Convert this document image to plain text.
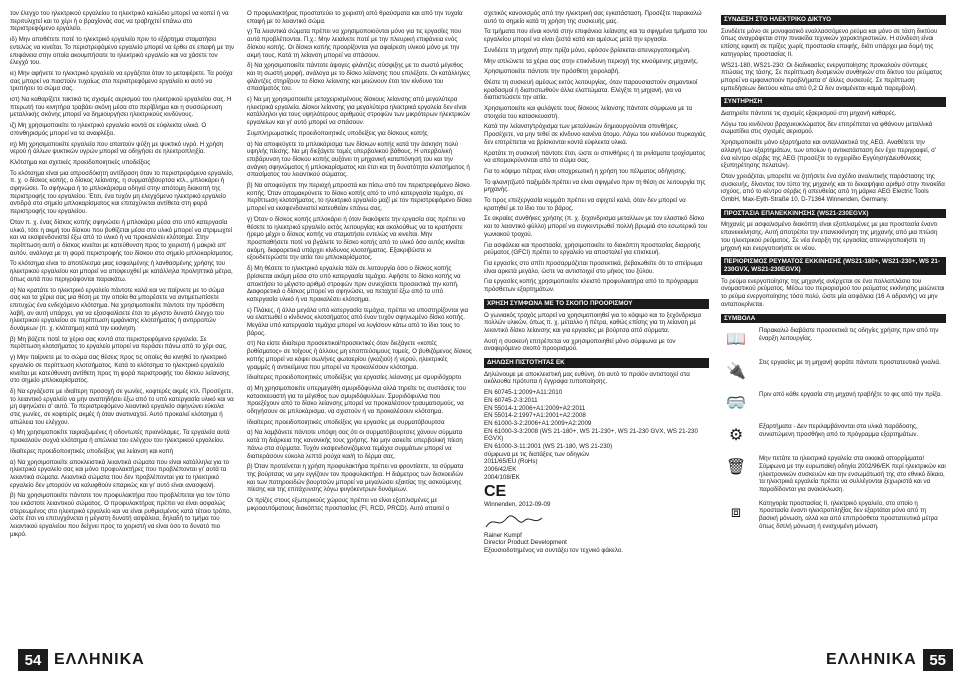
τον έλεγχο του ηλεκτρικού εργαλείου το ηλεκτρικό καλώδιο μπορεί να κοπεί ή να περιτυλιχτεί και το χέρι ή ο βραχίονάς σας να τραβηχτεί επάνω στο περιστρεφόμενο εργαλείο.

ιδ) Μην αποθέτετε ποτέ το ηλεκτρικό εργαλείο πριν το εξάρτημα σταματήσει εντελώς να κινείται. Το περιστρεφόμενο εργαλείο μπορεί να έρθει σε επαφή με την επιφάνεια στην οποία ακουμπήσατε το ηλεκτρικό εργαλείο και να χάσετε τον έλεγχό του.

ιε) Μην αφήνετε το ηλεκτρικό εργαλείο να εργάζεται όταν το μεταφέρετε. Τα ρούχα σας μπορεί να πιαστούν τυχαίως στο περιστρεφόμενο εργαλείο κι αυτό να τρυπήσει το σώμα σας.

ιστ) Να καθαρίζετε τακτικά τις σχισμές αερισμού του ηλεκτρικού εργαλείου σας. Η πτερωτή του κινητήρα τραβάει σκόνη μέσα στο περίβλημα και η συσσώρευση μεταλλικής σκόνης μπορεί να δημιουργήσει ηλεκτρικούς κινδύνους.

ιζ) Μη χρησιμοποιείτε το ηλεκτρικό εργαλείο κοντά σε εύφλεκτα υλικά. Ο σπινθηρισμός μπορεί να τα αναφλέξει.

ιη) Μη χρησιμοποιείτε εργαλεία που απαιτούν ψύξη με ψυκτικό υγρό. Η χρήση νερού ή άλλων ψυκτικών υγρών μπορεί να οδηγήσει σε ηλεκτροπληξία.

Κλότσημα και σχετικές προειδοποιητικές υποδείξεις

Το κλότσημα είναι μια απροσδόκητη αντίδραση όταν το περιστρεφόμενο εργαλείο, π. χ. ο δίσκος κοπής, ο δίσκος λείανσης, η συρματόβουρτσα κτλ., μπλοκάρει ή σφηνώσει. Το σφήνωμα ή το μπλοκάρισμα οδηγεί στην απότομη διακοπή της περιστροφής του εργαλείου. Έτσι, ένα τυχόν μη ελεγχόμενο ηλεκτρικό εργαλείο αντιδρά στο σημείο μπλοκαρίσματος και επιταχύνεται αντίθετα στη φορά περιστροφής του εργαλείου.

Όταν π. χ. ένας δίσκος κοπής σφηνώσει ή μπλοκάρει μέσα στο υπό κατεργασία υλικό, τότε η ακμή του δίσκου που βυθίζεται μέσα στο υλικό μπορεί να στριμωχτεί και να εκσφενδονιστεί έξω από το υλικό ή να προκαλέσει κλότσημα. Στην περίπτωση αυτή ο δίσκος κινείται με κατεύθυνση προς το χειριστή ή μακριά απ' αυτόν, ανάλογα με τη φορά περιστροφής του δίσκου στο σημείο μπλοκαρίσματος.

Το κλότσημα είναι το αποτέλεσμα μιας εσφαλμένης ή λανθασμένης χρήσης του ηλεκτρικού εργαλείου και μπορεί να αποφευχθεί με κατάλληλα προληπτικά μέτρα, όπως αυτά που περιγράφονται παρακάτω.

α) Να κρατάτε το ηλεκτρικό εργαλείο πάντοτε καλά και να παίρνετε με το σώμα σας και τα χέρια σας μια θέση με την οποία θα μπορέσετε να αντιμετωπίσετε επιτυχώς ένα ενδεχόμενο κλότσημα. Να χρησιμοποιείτε πάντοτε την πρόσθετη λαβή, αν αυτή υπάρχει, για να εξασφαλίσετε έτσι το μέγιστο δυνατό έλεγχο του ηλεκτρικού εργαλείου σε περίπτωση εμφάνισης κλοτσήματος ή αντιρροπών δυνάμεων (π. χ. κλότσημα) κατά την εκκίνηση.

β) Μη βάζετε ποτέ τα χέρια σας κοντά στα περιστρεφόμενα εργαλεία. Σε περίπτωση κλοτσήματος το εργαλείο μπορεί να περάσει πάνω από το χέρι σας.

γ) Μην παίρνετε με το σώμα σας θέσεις προς τις οποίες θα κινηθεί το ηλεκτρικό εργαλείο σε περίπτωση κλοτσήματος. Κατά το κλότσημα το ηλεκτρικό εργαλείο κινείται με κατεύθυνση αντίθετη προς τη φορά περιστροφής του δίσκου λείανσης στο σημείο μπλοκαρίσματος.

δ) Να εργάζεστε με ιδιαίτερη προσοχή σε γωνίες, κοφτερές ακμές κτλ. Προσέχετε, το λειαντικό εργαλείο να μην αναπηδήσει έξω από το υπό κατεργασία υλικό και να μη σφηνώσει σ' αυτό. Το περιστρεφόμενο λειαντικό εργαλείο σφηνώνει εύκολα στις γωνίες, σε κοφτερές ακμές ή όταν ανατιναχτεί. Αυτό προκαλεί κλότσημα ή απώλεια του ελέγχου.

ε) Μη χρησιμοποιείτε ταιριαζωμένες ή οδοντωτές πριονόλαμες. Τα εργαλεία αυτά προκαλούν συχνά κλότσημα ή απώλεια του ελέγχου του ηλεκτρικού εργαλείου.

Ιδιαίτερες προειδοποιητικές υποδείξεις για λείανση και κοπή

α) Να χρησιμοποιείτε αποκλειστικά λειαντικά σώματα που είναι κατάλληλα για το ηλεκτρικό εργαλείο σας και μόνο προφυλακτήρες που προβλέπονται γι' αυτά τα λειαντικά σώματα. Λειαντικά σώματα που δεν προβλέπονται για το ηλεκτρικό εργαλείο δεν μπορούν να καλυφθούν επαρκώς και γι' αυτό είναι ανασφαλή.

β) Να χρησιμοποιείτε πάντοτε τον προφυλακτήρα που προβλέπεται για τον τύπο του εκάστοτε λειαντικού σώματος. Ο προφυλακτήρας πρέπει να είναι ασφαλώς στερεωμένος στο ηλεκτρικό εργαλείο και να είναι ρυθμισμένος κατά τέτοιο τρόπο, ώστε έτσι να επιτυγχάνεται η μέγιστη δυνατή ασφάλεια, δηλαδή το τμήμα του λειαντικού εργαλείου που δείχνει προς το χειριστή να είναι όσο το δυνατό πιο μικρό.

Ο προφυλακτήρας προστατεύει το χειριστή από θραύσματα και από την τυχαία επαφή με το λειαντικό σώμα.

γ) Τα λειαντικά σώματα πρέπει να χρησιμοποιούνται μόνο για τις εργασίες που αυτά προβλέπονται. Π.χ.: Μην λειαίνετε ποτέ με την πλευρική επιφάνεια ενός δίσκου κοπής. Οι δίσκοι κοπής προορίζονται για αφαίρεση υλικού μόνο με την ακμή τους. Κατά τη λείανση μπορεί να σπάσουν.

δ) Να χρησιμοποιείτε πάντοτε άψογες φλάντζες σύσφιξης με το σωστό μέγεθος και τη σωστή μορφή, ανάλογα με το δίσκο λείανσης που επιλέξατε. Οι κατάλληλες φλάντζες στηρίζουν το δίσκο λείανσης και μειώνουν έτσι τον κίνδυνο του σπασίματός του.

ε) Να μη χρησιμοποιείτε μεταχειρισμένους δίσκους λείανσης από μεγαλύτερα ηλεκτρικά εργαλεία. Δίσκοι λείανσης για μεγαλύτερα ηλεκτρικά εργαλεία δεν είναι κατάλληλοι για τους υψηλότερους αριθμούς στροφών των μικρότερων ηλεκτρικών εργαλείων και γι' αυτό μπορεί να σπάσουν.

Συμπληρωματικές προειδοποιητικές υποδείξεις για δίσκους κοπής

α) Να αποφεύγετε το μπλοκάρισμα των δίσκων κοπής κατά την άσκηση πολύ υψηλής πίεσης. Να μη διεξάγετε τομές υπερβολικού βάθους. Η υπερβολική επιβάρυνση του δίσκου κοπής αυξάνει τη μηχανική καταπόνησή του και την ανάγκη σφηνώματος ή μπλοκαρίσματος και έτσι και τη δυνατότητα κλοτσήματος ή σπασίματος του λειαντικού σώματος.

β) Να αποφεύγετε την περιοχή μπροστά και πίσω από τον περιστρεφόμενο δίσκο κοπής. Όταν απομακρύνετε το δίσκο κοπής από το υπό κατεργασία τεμάχιο, σε περίπτωση κλοτσήματος, το ηλεκτρικό εργαλείο μαζί με τον περιστρεφόμενο δίσκο μπορεί να εκσφενδονιστεί κατευθείαν επάνω σας.

γ) Όταν ο δίσκος κοπής μπλοκάρει ή όταν διακόψετε την εργασία σας πρέπει να θέσετε το ηλεκτρικό εργαλείο εκτός λειτουργίας και ακολούθως να το κρατήσετε ήρεμο μέχρι ο δίσκος κοπής να σταματήσει εντελώς να κινείται. Μην προσπαθήσετε ποτέ να βγάλετε το δίσκο κοπής από το υλικό όσο αυτός κινείται ακόμη, διαφορετικά υπάρχει κίνδυνος κλοτσήματος. Εξακριβώστε κι εξουδετερώστε την αιτία του μπλοκαρίσματος.

δ) Μη θέσετε το ηλεκτρικό εργαλείο πάλι σε λειτουργία όσο ο δίσκος κοπής βρίσκεται ακόμη μέσα στο υπό κατεργασία τεμάχιο. Αφήστε το δίσκο κοπής να αποκτήσει το μέγιστο αριθμό στροφών πριν συνεχίσετε προσεκτικά την κοπή. Διαφορετικά ο δίσκος μπορεί να σφηνώσει, να πεταχτεί έξω από το υπό κατεργασία υλικό ή να προκαλέσει κλότσημα.

ε) Πλάκες, ή άλλα μεγάλα υπό κατεργασία τεμάχια, πρέπει να υποστηρίζονται για να ελαττωθεί ο κίνδυνος κλοτσήματος από έναν τυχόν σφηνωμένο δίσκο κοπής. Μεγάλα υπό κατεργασία τεμάχια μπορεί να λυγίσουν κάτω από το ίδιο τους το βάρος.

στ) Να είστε ιδιαίτερα προσεκτικοί/προσεκτικές όταν διεξάγετε «κοπές βυθίσματος» σε τοίχους ή άλλους μη εποπτεύσιμους τομείς. Ο βυθιζόμενος δίσκος κοπής μπορεί να κόψει σωλήνες φωταερίου (γκαζιού) ή νερού, ηλεκτρικές γραμμές ή αντικείμενα που μπορεί να προκαλέσουν κλότσημα.

Ιδιαίτερες προειδοποιητικές υποδείξεις για εργασίες λείανσης με σμυριδόχαρτο

α) Μη χρησιμοποιείτε υπερμεγέθη σμυριδόφυλλα αλλά τηρείτε τις συστάσεις του κατασκευαστή για το μέγεθος των σμυριδόφυλλων. Σμυριδόφυλλα που προεξέχουν από το δίσκο λείανσης μπορεί να προκαλέσουν τραυματισμούς, να οδηγήσουν σε μπλοκάρισμα, να σχιστούν ή να προκαλέσουν κλότσημα.

Ιδιαίτερες προειδοποιητικές υποδείξεις για εργασίες με συρματόβουρτσα

α) Να λαμβάνετε πάντοτε υπόψη σας ότι οι συρματόβουρτσες χάνουν σύρματα κατά τη διάρκεια της κανονικής τους χρήσης. Να μην ασκείτε υπερβολική πίεση πάνω στα σύρματα. Τυχόν εκσφενδονιζόμενα τεμάχια συρμάτων μπορεί να διαπεράσουν εύκολα λεπτά ρούχα και/ή το δέρμα σας.

β) Όταν προτείνεται η χρήση προφυλακτήρα πρέπει να φροντίσετε, τα σύρματα της βούρτσας να μην εγγίζουν τον προφυλακτήρα. Η διάμετρος των δισκοειδών και των ποτηροειδών βουρτσών μπορεί να μεγαλώσει εξαιτίας της ασκούμενης πίεσης και της επιτάχυνσης λόγω φυγόκεντρων δυνάμεων.

Οι πρίζες στους εξωτερικούς χώρους πρέπει να είναι εξοπλισμένες με μικροαυτόματους διακόπτες προστασίας (FI, RCD, PRCD). Αυτό απαιτεί ο

σχετικός κανονισμός από την ηλεκτρική σας εγκατάσταση. Προσέξτε παρακαλώ αυτό το σημείο κατά τη χρήση της συσκευής μας.

Τα τμήματα που είναι κοντά στην επιφάνεια λείανσης και τα σφιγμένα τμήματα του εργαλείου μπορεί να είναι ζεστά κατά και αμέσως μετά την εργασία.

Συνδέετε τη μηχανή στην πρίζα μόνο, εφόσον βρίσκεται απενεργοποιημένη.

Μην απλώνετε τα χέρια σας στην επικίνδυνη περιοχή της κινούμενης μηχανής.

Χρησιμοποιείτε πάντοτε την πρόσθετη χειρολαβή.

Θέστε τη συσκευή αμέσως εκτός λειτουργίας, όταν παρουσιαστούν σημαντικοί κραδασμοί ή διαπιστωθούν άλλα ελαττώματα. Ελέγξτε τη μηχανή, για να διαπιστώσετε την αιτία.

Χρησιμοποιείτε και φυλάγετε τους δίσκους λείανσης πάντοτε σύμφωνα με τα στοιχεία του κατασκευαστή.

Κατά την λείανση/τρόχισμα των μεταλλικών δημιουργούνται σπινθήρες. Προσέχετε, να μην τεθεί σε κίνδυνο κανένα άτομο. Λόγω του κινδύνου πυρκαγιάς δεν επιτρέπεται να βρίσκονται κοντά εύφλεκτα υλικά.

Κρατάτε τη συσκευή πάντοτε έτσι, ώστε οι σπινθήρες ή τα ρινίσματα τροχίσματος να απομακρύνονται από το σώμα σας.

Για το κόψιμο πέτρας είναι υποχρεωτική η χρήση του πέλματος οδήγησης.

Το φλανητζωτό παξιμάδι πρέπει να είναι σφιγμένο πριν τη θέση σε λειτουργία της μηχανής.

Το προς επεξεργασία κομμάτι πρέπει να σφιχτεί καλά, όταν δεν μπορεί να κρατηθεί με το ίδιο του το βάρος.

Σε ακραίες συνθήκες χρήσης (π. χ. ξεχονδρισμα μεταλλων με τον ελαστικό δίσκο και το λειαντικό φύλλο) μπορεί να συγκεντρωθεί πολλή βρωμιά στο εσωτερικό του γωνιακού τροχού.

Για ασφάλεια και προστασία, χρησιμοποιείτε το διακόπτη προστασίας διαρροής ρεύματος (GFCI) πρέπει το εργαλείο να αποσταλεί για επισκευή.

Για εργασίες στο σπίτι προσαρμόζεται προσεκτικά, βεβαιωθείτε ότι το σπείρωμα είναι αρκετά μεγάλο, ώστε να αντιστοιχεί στο μήκος του ξύλου.

Για εργασίες κοπής χρησιμοποιείτε κλειστό προφυλακτήρα από το πρόγραμμα πρόσθετων εξαρτημάτων.

ΧΡΗΣΗ ΣΥΜΦΩΝΑ ΜΕ ΤΟ ΣΚΟΠΟ ΠΡΟΟΡΙΣΜΟΥ

Ο γωνιακός τροχός μπορεί να χρησιμοποιηθεί για το κόψιμο και το ξεχόνδρισμα πολλών υλικών, όπως π. χ. μέταλλο ή πέτρα, καθώς επίσης για τη λείανση με λειαντικό δίσκο λείανσης και για εργασίες με βούρτσα από σύρματα.

Αυτή η συσκευή επιτρέπεται να χρησιμοποιηθεί μόνο σύμφωνα με τον αναφερόμενο σκοπό προορισμού.

ΔΗΛΩΣΗ ΠΙΣΤΟΤΗΤΑΣ ΕΚ

Δηλώνουμε με αποκλειστική μας ευθύνη, ότι αυτό το προϊόν αντιστοιχεί στα ακόλουθα πρότυπα ή έγγραφα τυποποίησης.

EN 60745-1:2009+A11:2010
EN 60745-2-3:2011
EN 55014-1:2006+A1:2009+A2:2011
EN 55014-2:1997+A1:2001+A2:2008
EN 61000-3-2:2006+A1:2009+A2:2009
EN 61000-3-3:2008 (WS 21-180+, WS 21-230+, WS 21-230 GVX, WS 21-230 EGVX)
EN 61000-3-11:2001 (WS 21-180, WS 21-230)
σύμφωνα με τις διατάξεις των οδηγιών
2011/65/EU (RoHs)
2006/42/EK
2004/108/EK
CE
Winnenden, 2012-09-09
Rainer Kumpf
Director Product Development
Εξουσιοδοτημένος να συντάξει τον τεχνικό φάκελο.
ΣΥΝΔΕΣΗ ΣΤΟ ΗΛΕΚΤΡΙΚΟ ΔΙΚΤΥΟ

Συνδέετε μόνο σε μονοφασικό εναλλασσόμενο ρεύμα και μόνο σε τάση δικτύου όπως αναγράφεται στην πινακίδα τεχνικών χαρακτηριστικών. Η σύνδεση είναι επίσης εφικτή σε πρίζες χωρίς προστασία επαφής, διότι υπάρχει μια δομή της κατηγορίας προστασίας ΙΙ.

WS21-180, WS21-230: Οι διαδικασίες ενεργοποίησης προκαλούν σύντομες πτώσεις της τάσης. Σε περίπτωση δυσμενών συνθηκών στο δίκτυο του ρεύματος μπορεί να εμφανιστούν προβλήματα σ' άλλες συσκευές. Σε περίπτωση εμπεδήσεων δικτύου κάτω από 0,2 Ω δεν αναμένεται καμιά παρεμβολή.

ΣΥΝΤΗΡΗΣΗ

Διατηρείτε πάντοτε τις σχισμές εξαερισμού στη μηχανή καθαρές.

Λόγω του κινδύνου βραχυκυκλώματος δεν επιτρέπεται να φθάνουν μεταλλικά σωματίδια στις σχισμές αερισμού.

Χρησιμοποιείτε μόνο εξαρτήματα και ανταλλακτικά της AEG. Αναθέτετε την αλλαγή των εξαρτημάτων, των οποίων η αντικατάσταση δεν έχει περιγραφεί, σ' ένα κέντρο σέρβις της AEG (προσέξτε το εγχειρίδιο Εγγύηση/Διευθύνσεις εξυπηρέτησης πελατών).

Όταν χρειάζεται, μπορείτε να ζητήσετε ένα σχέδιο αναλυτικής παράστασης της συσκευής, δίνοντας τον τύπο της μηχανής και το δεκαψήφιο αριθμό στην πινακίδα ισχύος, από το κέντρο σέρβις ή απευθείας από τη μάρκα AEG Electric Tools GmbH, Max-Eyth-Straße 10, D-71364 Winnenden, Germany.

ΠΡΟΣΤΑΣΙΑ ΕΠΑΝΕΚΚΙΝΗΣΗΣ (WS21-230EGVX)

Μηχανές με ασφαλισμένο διακόπτη είναι εξοπλισμένες με μια προστασία έναντι επανεκκίνησης. Αυτή αποτρέπει την επανεκκίνηση της μηχανής από μια πτώση του ηλεκτρικού ρεύματος. Σε νέα έναρξη της εργασίας απενεργοποιήστε τη μηχανή και ενεργοποιήστε εκ νέου.

ΠΕΡΙΟΡΙΣΜΟΣ ΡΕΥΜΑΤΟΣ ΕΚΚΙΝΗΣΗΣ (WS21-180+, WS21-230+, WS 21-230GVX, WS21-230EGVX)

Το ρεύμα ενεργοποίησης της μηχανής ανέρχεται σε ένα πολλαπλάσιο του ονομαστικού ρεύματος. Μέσω του περιορισμού του ρεύματος εκκίνησης μειώνεται το ρεύμα ενεργοποίησης τόσο πολύ, ώστε μία ασφάλεια (16 A αδρανής) να μην ανταποκρίνεται.

ΣΥΜΒΟΛΑ
📖
Παρακαλώ διαβάστε προσεκτικά τις οδηγίες χρήσης πριν από την έναρξη λειτουργίας.
🔌
Στις εργασίες με τη μηχανή φοράτε πάντοτε προστατευτικά γυαλιά.
🥽
Πριν από κάθε εργασία στη μηχανή τραβήξτε το φις από την πρίζα.
⚙
Εξαρτήματα - Δεν περιλαμβάνονται στα υλικά παράδοσης, συνιστώμενη προσθήκη από το πρόγραμμα εξαρτημάτων.
🗑
Μην πετάτε τα ηλεκτρικά εργαλεία στα οικιακά απορρίμματα! Σύμφωνα με την ευρωπαϊκή οδηγία 2002/96/ΕΚ περί ηλεκτρικών και ηλεκτρονικών συσκευών και την ενσωμάτωσή της στο εθνικό δίκαιο, τα ηλεκτρικά εργαλεία πρέπει να συλλέγονται ξεχωριστά και να παραδίδονται για ανακύκλωση.
⧈
Κατηγορία προστασίας ΙΙ, ηλεκτρικό εργαλείο, στο οποίο η προστασία έναντι ηλεκτροπληξίας δεν εξαρτάται μόνο από τη βασική μόνωση, αλλά και από επιπρόσθετα προστατευτικά μέτρα όπως διπλή μόνωση ή ενισχυμένη μόνωση.
54 ΕΛΛΗΝΙΚΑ	ΕΛΛΗΝΙΚΑ 55
